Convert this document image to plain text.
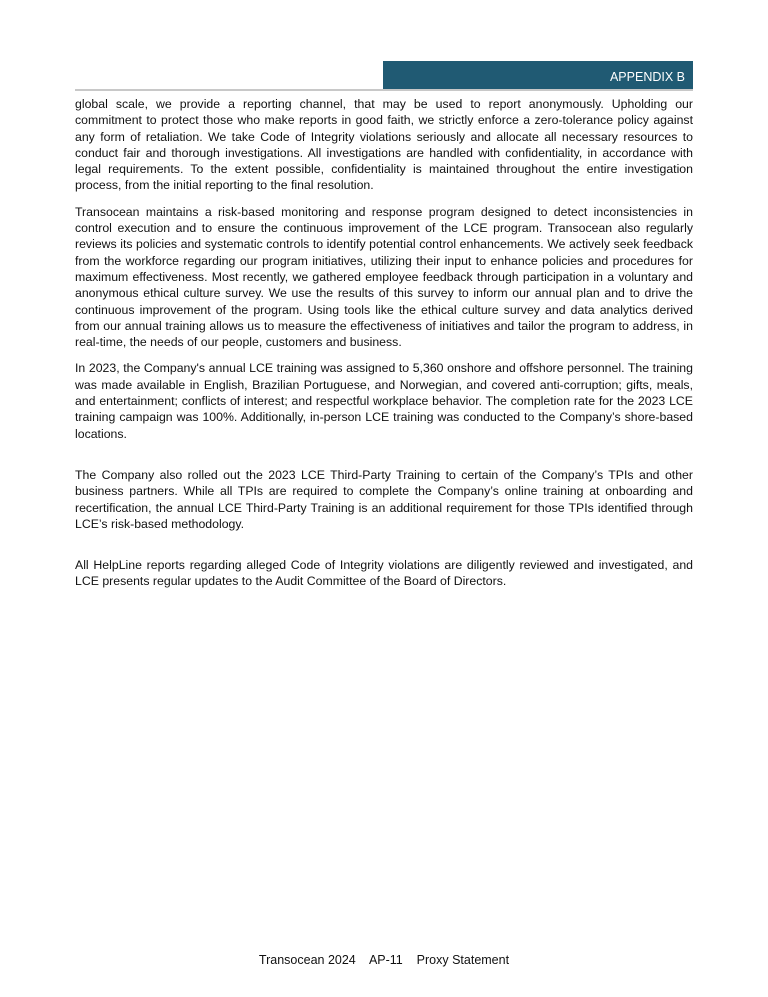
APPENDIX B

global scale, we provide a reporting channel, that may be used to report anonymously. Upholding our commitment to protect those who make reports in good faith, we strictly enforce a zero-tolerance policy against any form of retaliation. We take Code of Integrity violations seriously and allocate all necessary resources to conduct fair and thorough investigations. All investigations are handled with confidentiality, in accordance with legal requirements. To the extent possible, confidentiality is maintained throughout the entire investigation process, from the initial reporting to the final resolution.

Transocean maintains a risk-based monitoring and response program designed to detect inconsistencies in control execution and to ensure the continuous improvement of the LCE program. Transocean also regularly reviews its policies and systematic controls to identify potential control enhancements. We actively seek feedback from the workforce regarding our program initiatives, utilizing their input to enhance policies and procedures for maximum effectiveness. Most recently, we gathered employee feedback through participation in a voluntary and anonymous ethical culture survey. We use the results of this survey to inform our annual plan and to drive the continuous improvement of the program. Using tools like the ethical culture survey and data analytics derived from our annual training allows us to measure the effectiveness of initiatives and tailor the program to address, in real-time, the needs of our people, customers and business.

In 2023, the Company's annual LCE training was assigned to 5,360 onshore and offshore personnel. The training was made available in English, Brazilian Portuguese, and Norwegian, and covered anti-corruption; gifts, meals, and entertainment; conflicts of interest; and respectful workplace behavior. The completion rate for the 2023 LCE training campaign was 100%. Additionally, in-person LCE training was conducted to the Company’s shore-based locations.

The Company also rolled out the 2023 LCE Third-Party Training to certain of the Company’s TPIs and other business partners. While all TPIs are required to complete the Company’s online training at onboarding and recertification, the annual LCE Third-Party Training is an additional requirement for those TPIs identified through LCE’s risk-based methodology.

All HelpLine reports regarding alleged Code of Integrity violations are diligently reviewed and investigated, and LCE presents regular updates to the Audit Committee of the Board of Directors.

Transocean 2024    AP-11    Proxy Statement
